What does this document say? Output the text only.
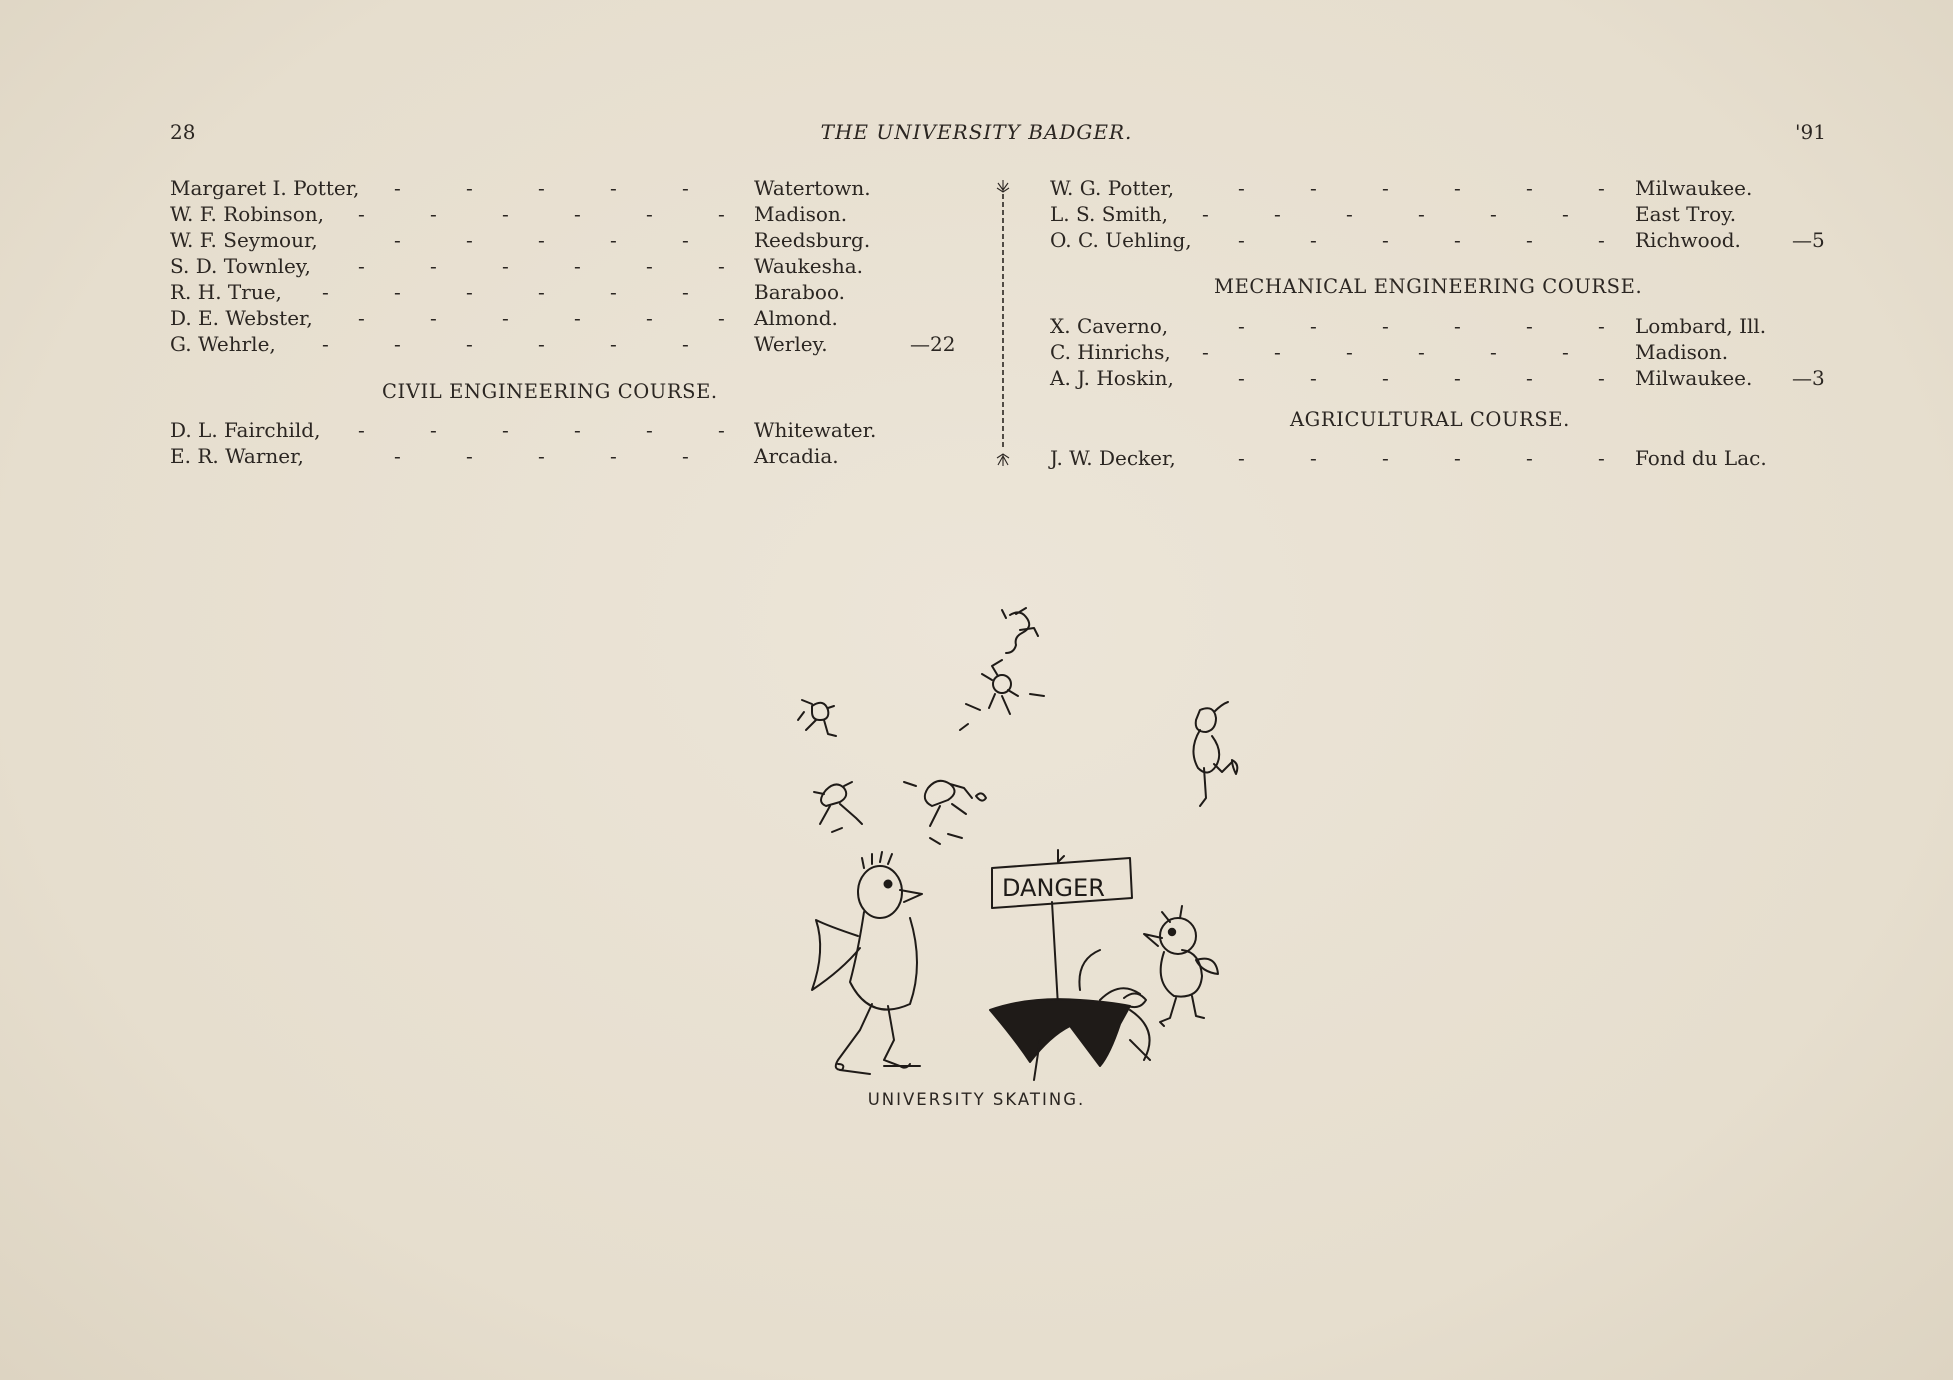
28	THE UNIVERSITY BADGER.	'91
Margaret I. Potter, -	-	-	-	-	Watertown.
W. F. Robinson, -	-	-	-	-	- Madison.
W. F. Seymour,	-	-	-	-	-	Reedsburg.
S. D. Townley, -	-	-	-	-	- Waukesha.
R. H. True, -	-	-	-	-	-	Baraboo.
D. E. Webster, -	-	-	-	-	- Almond.
G. Wehrle, -	-	-	-	-	-	Werley.	—22
CIVIL ENGINEERING COURSE.
D. L. Fairchild, -	-	-	-	-	- Whitewater.
E. R. Warner,	-	-	-	-	-	Arcadia.
W. G. Potter,	-	-	-	-	-	- Milwaukee.
L. S. Smith, -	-	-	-	-	-	East Troy.
O. C. Uehling, -	-	-	-	-	- Richwood.	—5
MECHANICAL ENGINEERING COURSE.
X. Caverno,	-	-	-	-	-	- Lombard, Ill.
C. Hinrichs, -	-	-	-	-	-	Madison.
A. J. Hoskin,	-	-	-	-	-	- Milwaukee. —3
AGRICULTURAL COURSE.
J. W. Decker,	-	-	-	-	-	- Fond du Lac.
DANGER
UNIVERSITY SKATING.
